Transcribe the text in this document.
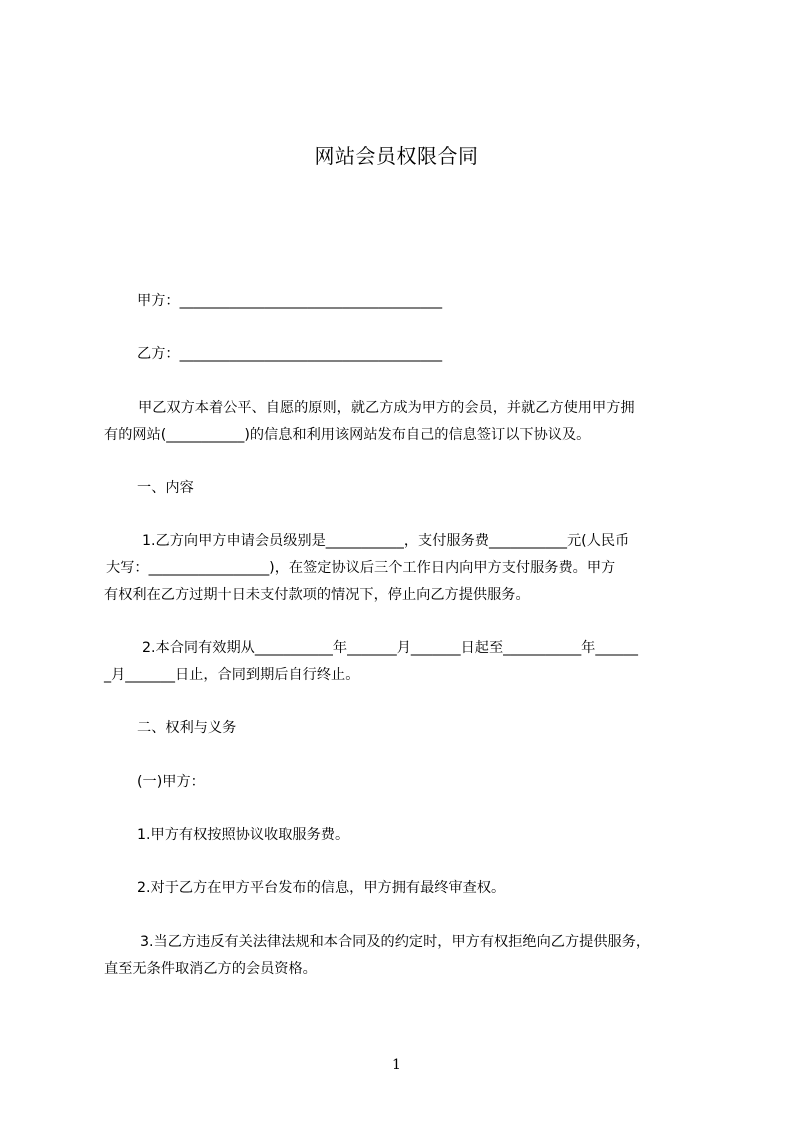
网站会员权限合同
甲方：_____________________________________
乙方：_____________________________________
甲乙双方本着公平、自愿的原则，就乙方成为甲方的会员，并就乙方使用甲方拥
有的网站(___________)的信息和利用该网站发布自己的信息签订以下协议及。
一、内容
1.乙方向甲方申请会员级别是___________，支付服务费___________元(人民币
大写：_________________)，在签定协议后三个工作日内向甲方支付服务费。甲方
有权利在乙方过期十日未支付款项的情况下，停止向乙方提供服务。
2.本合同有效期从___________年_______月_______日起至___________年______
_月_______日止，合同到期后自行终止。
二、权利与义务
(一)甲方：
1.甲方有权按照协议收取服务费。
2.对于乙方在甲方平台发布的信息，甲方拥有最终审查权。
3.当乙方违反有关法律法规和本合同及的约定时，甲方有权拒绝向乙方提供服务，
直至无条件取消乙方的会员资格。
1
